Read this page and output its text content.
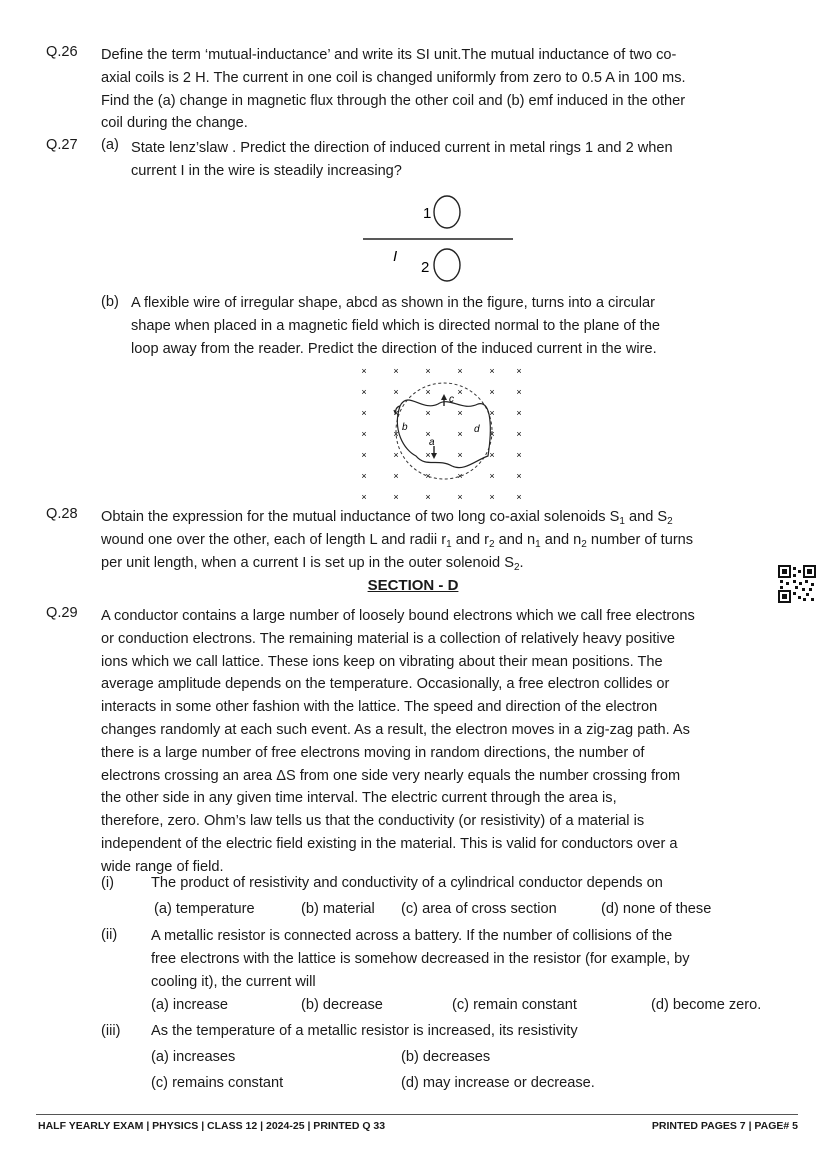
Q.26 Define the term ‘mutual-inductance’ and write its SI unit.The mutual inductance of two co-
axial coils is 2 H. The current in one coil is changed uniformly from zero to 0.5 A in 100 ms.
Find the (a) change in magnetic flux through the other coil and (b) emf induced in the other
coil during the change.
Q.27 (a) State lenz’slaw . Predict the direction of induced current in metal rings 1 and 2 when
current I in the wire is steadily increasing?
1
2
I
(b) A flexible wire of irregular shape, abcd as shown in the figure, turns into a circular
shape when placed in a magnetic field which is directed normal to the plane of the
loop away from the reader. Predict the direction of the induced current in the wire.
×	×	×	×	× ×
×	×	×	×	× ×
×	×	×	×	× ×
×	×	×	×	× ×
×	×	×	×	× ×
×	×	×	×	× ×
×	×	×	×	× ×
c
a
b	d
Q.28 Obtain the expression for the mutual inductance of two long co-axial solenoids $S_1$ and $S_2$
wound one over the other, each of length L and radii $r_1$ and $r_2$ and $n_1$ and $n_2$ number of turns
per unit length, when a current I is set up in the outer solenoid $S_2$.
SECTION - D
Q.29 A conductor contains a large number of loosely bound electrons which we call free electrons
or conduction electrons. The remaining material is a collection of relatively heavy positive
ions which we call lattice. These ions keep on vibrating about their mean positions. The
average amplitude depends on the temperature. Occasionally, a free electron collides or
interacts in some other fashion with the lattice. The speed and direction of the electron
changes randomly at each such event. As a result, the electron moves in a zig-zag path. As
there is a large number of free electrons moving in random directions, the number of
electrons crossing an area ΔS from one side very nearly equals the number crossing from
the other side in any given time interval. The electric current through the area is,
therefore, zero. Ohm’s law tells us that the conductivity (or resistivity) of a material is
independent of the electric field existing in the material. This is valid for conductors over a
wide range of field.
(i)	The product of resistivity and conductivity of a cylindrical conductor depends on
(a) temperature	(b) material (c) area of cross section	(d) none of these
(ii) A metallic resistor is connected across a battery. If the number of collisions of the
free electrons with the lattice is somehow decreased in the resistor (for example, by
cooling it), the current will
(a) increase	(b) decrease	(c) remain constant	(d) become zero.
(iii) As the temperature of a metallic resistor is increased, its resistivity
(a) increases	(b) decreases
(c) remains constant	(d) may increase or decrease.
HALF YEARLY EXAM | PHYSICS | CLASS 12 | 2024-25 | PRINTED Q 33	PRINTED PAGES 7 | PAGE# 5
